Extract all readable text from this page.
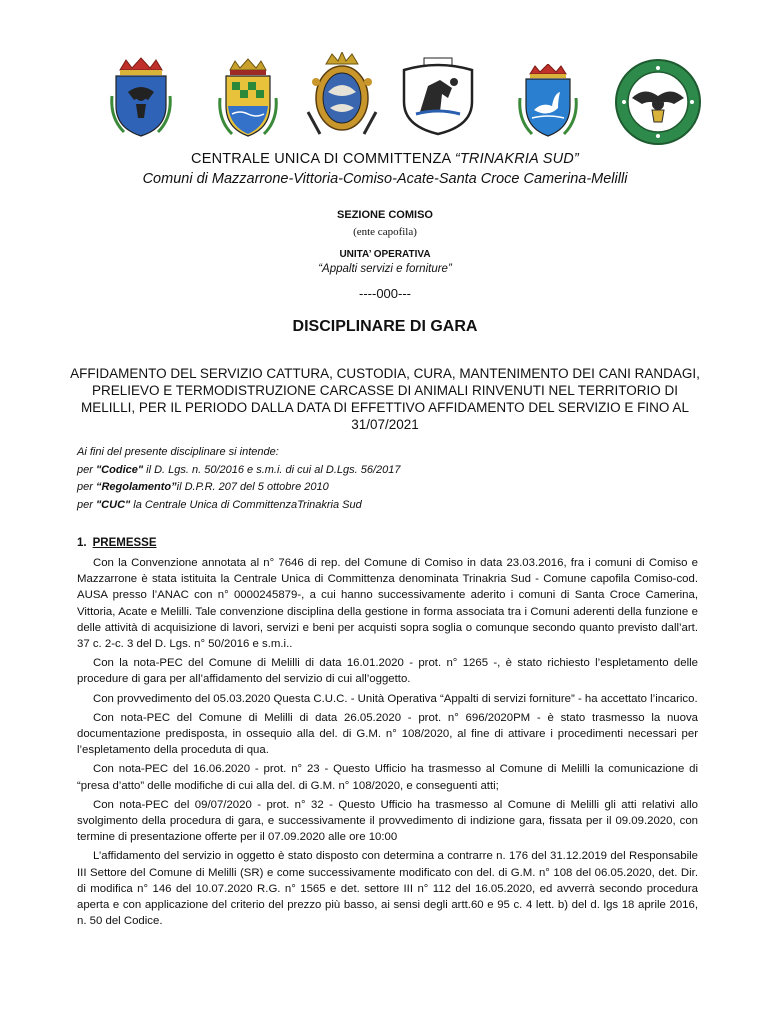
CENTRALE UNICA DI COMMITTENZA “TRINAKRIA SUD”
Comuni di Mazzarrone-Vittoria-Comiso-Acate-Santa Croce Camerina-Melilli
SEZIONE COMISO
(ente capofila)
UNITA’ OPERATIVA
“Appalti servizi e forniture”
----000---
DISCIPLINARE DI GARA
AFFIDAMENTO DEL SERVIZIO CATTURA, CUSTODIA, CURA, MANTENIMENTO DEI CANI RANDAGI, PRELIEVO E TERMODISTRUZIONE CARCASSE DI ANIMALI RINVENUTI NEL TERRITORIO DI MELILLI, PER IL PERIODO DALLA DATA DI EFFETTIVO AFFIDAMENTO DEL SERVIZIO E FINO AL 31/07/2021
Ai fini del presente disciplinare si intende:
per "Codice" il D. Lgs. n. 50/2016 e s.m.i. di cui al D.Lgs. 56/2017
per “Regolamento”il D.P.R. 207 del 5 ottobre 2010
per "CUC" la Centrale Unica di CommittenzaTrinakria Sud
1. PREMESSE

Con la Convenzione annotata al n° 7646 di rep. del Comune di Comiso in data 23.03.2016, fra i comuni di Comiso e Mazzarrone è stata istituita la Centrale Unica di Committenza denominata Trinakria Sud - Comune capofila Comiso-cod. AUSA presso l’ANAC con n° 0000245879-, a cui hanno successivamente aderito i comuni di Santa Croce Camerina, Vittoria, Acate e Melilli. Tale convenzione disciplina della gestione in forma associata tra i Comuni aderenti della funzione e delle attività di acquisizione di lavori, servizi e beni per acquisti sopra soglia o comunque secondo quanto previsto dall’art. 37 c. 2-c. 3 del D. Lgs. n° 50/2016 e s.m.i..

Con la nota-PEC del Comune di Melilli di data 16.01.2020 - prot. n° 1265 -, è stato richiesto l’espletamento delle procedure di gara per all’affidamento del servizio di cui all’oggetto.

Con provvedimento del 05.03.2020 Questa C.U.C. - Unità Operativa “Appalti di servizi forniture” - ha accettato l’incarico.

Con nota-PEC del Comune di Melilli di data 26.05.2020 - prot. n° 696/2020PM - è stato trasmesso la nuova documentazione predisposta, in ossequio alla del. di G.M. n° 108/2020, al fine di attivare i procedimenti necessari per l’espletamento della proceduta di qua.

Con nota-PEC del 16.06.2020 - prot. n° 23 - Questo Ufficio ha trasmesso al Comune di Melilli la comunicazione di “presa d’atto” delle modifiche di cui alla del. di G.M. n° 108/2020, e conseguenti atti;

Con nota-PEC del 09/07/2020 - prot. n° 32 - Questo Ufficio ha trasmesso al Comune di Melilli gli atti relativi allo svolgimento della procedura di gara, e successivamente il provvedimento di indizione gara, fissata per il 09.09.2020, con termine di presentazione offerte per il 07.09.2020 alle ore 10:00

L’affidamento del servizio in oggetto è stato disposto con determina a contrarre n. 176 del 31.12.2019 del Responsabile III Settore del Comune di Melilli (SR) e come successivamente modificato con del. di G.M. n° 108 del 06.05.2020, det. Dir. di modifica n° 146 del 10.07.2020 R.G. n° 1565 e det. settore III n° 112 del 16.05.2020, ed avverrà secondo procedura aperta e con applicazione del criterio del prezzo più basso, ai sensi degli artt.60 e 95 c. 4 lett. b) del d. lgs 18 aprile 2016, n. 50 del Codice.
